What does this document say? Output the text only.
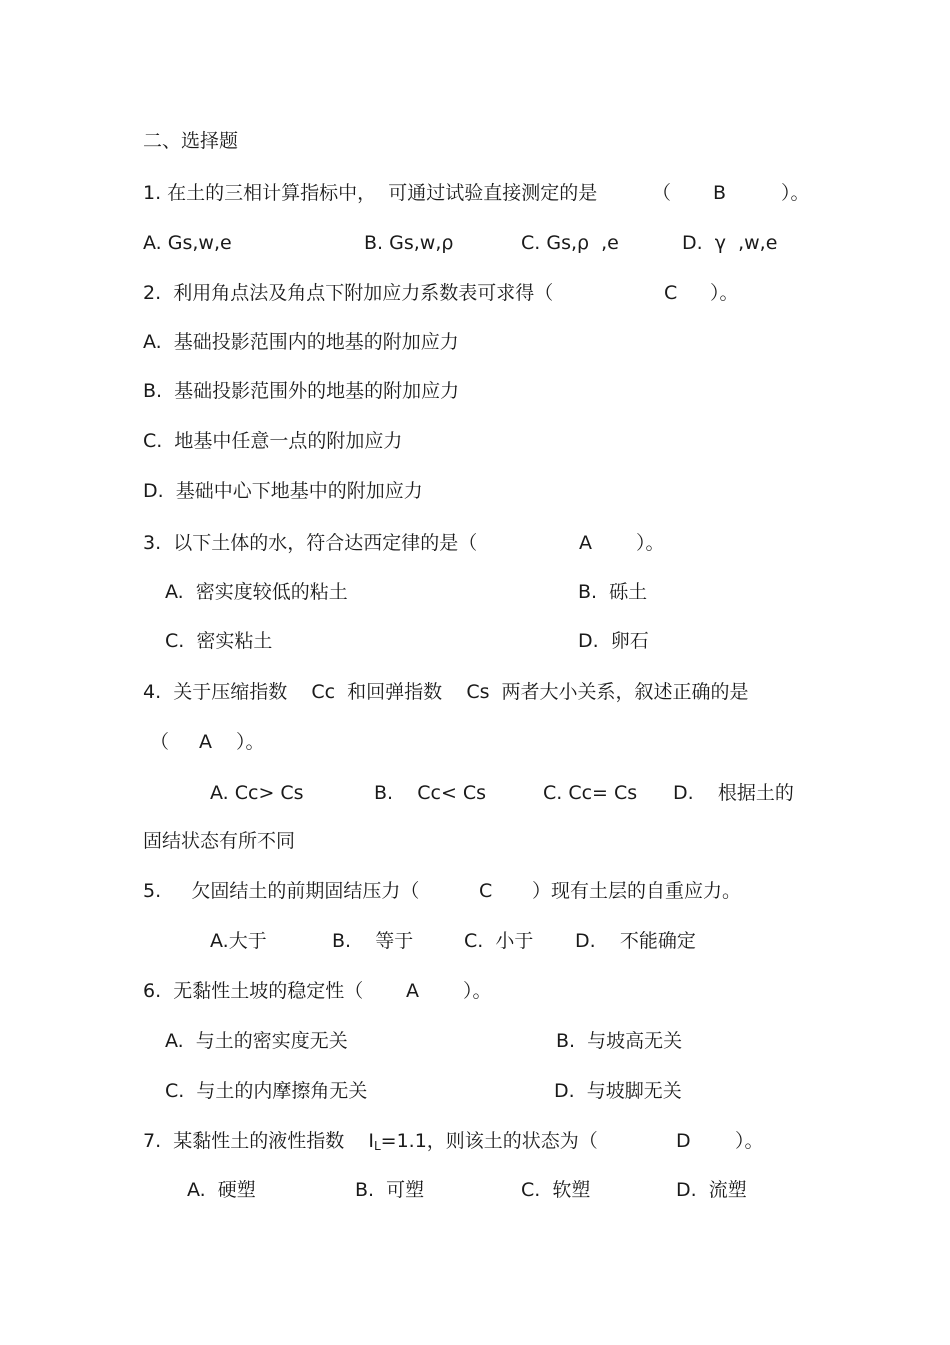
二、选择题
1. 在土的三相计算指标中，  可通过试验直接测定的是	（ B	）。
A. Gs,w,e	B. Gs,w,ρ	C. Gs,ρ  ,e	D.  γ  ,w,e
2.  利用角点法及角点下附加应力系数表可求得（	C ）。
A.  基础投影范围内的地基的附加应力
B.  基础投影范围外的地基的附加应力
C.  地基中任意一点的附加应力
D.  基础中心下地基中的附加应力
3.  以下土体的水，符合达西定律的是（	A ）。
A.  密实度较低的粘土	B.  砾土
C.  密实粘土	D.  卵石
4.  关于压缩指数    Cc  和回弹指数    Cs  两者大小关系，叙述正确的是
（ A ）。
A. Cc> Cs	B.    Cc< Cs	C. Cc= Cs D.    根据土的
固结状态有所不同
5.     欠固结土的前期固结压力（	C ）现有土层的自重应力。
A.大于	B.    等于	C.  小于 D.    不能确定
6.  无黏性土坡的稳定性（ A ）。
A.  与土的密实度无关	B.  与坡高无关
C.  与土的内摩擦角无关	D.  与坡脚无关
7.  某黏性土的液性指数    $I_L=1.1$，则该土的状态为（	D ）。
A.  硬塑	B.  可塑	C.  软塑	D.  流塑
